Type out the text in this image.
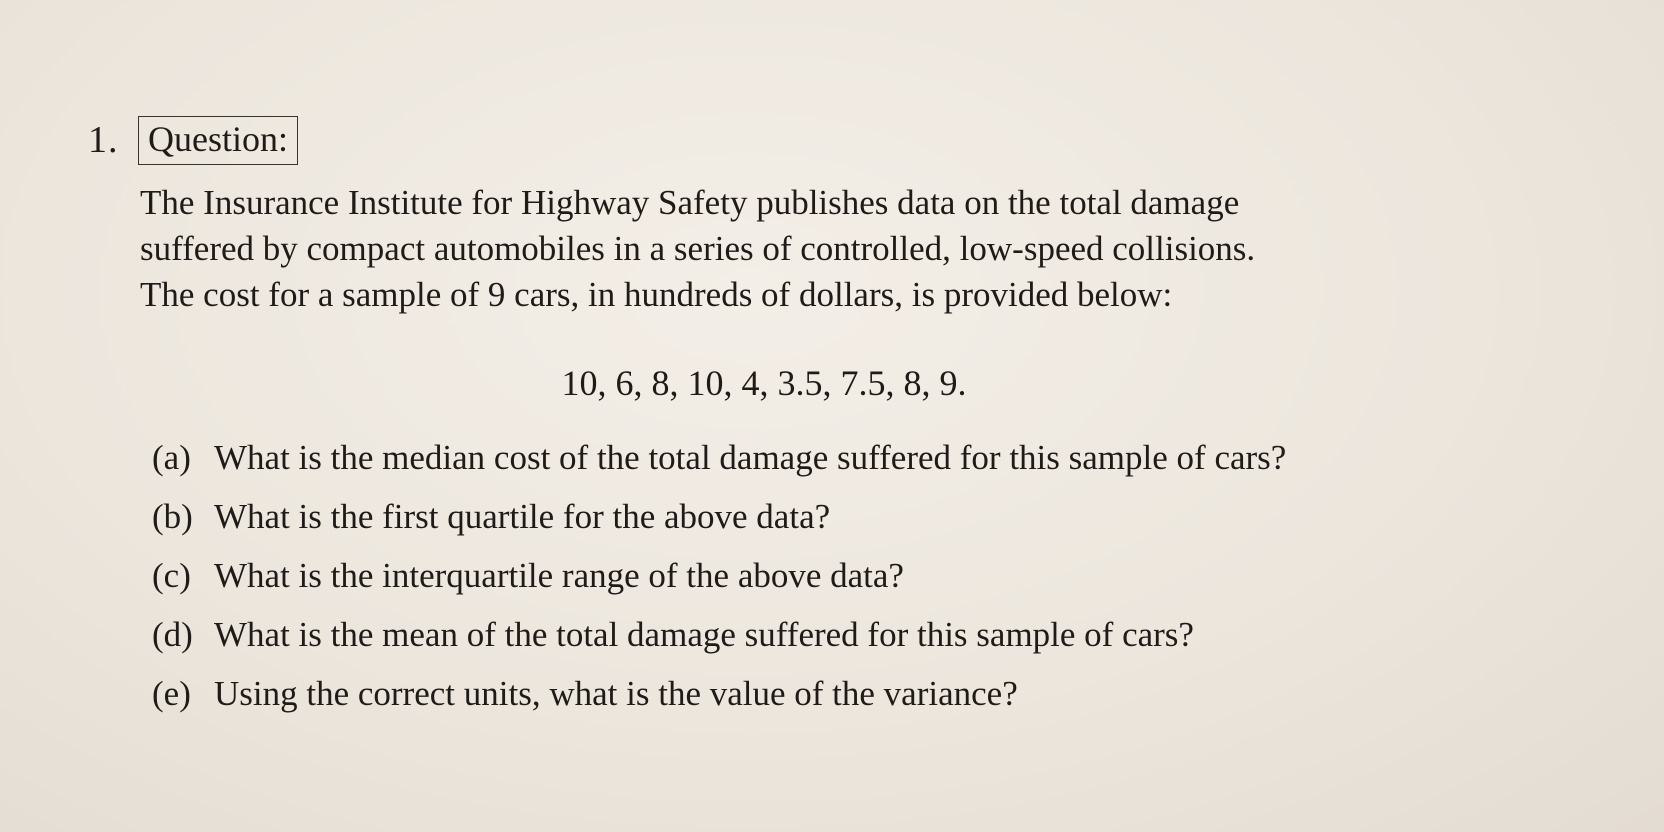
1. Question:
The Insurance Institute for Highway Safety publishes data on the total damage
suffered by compact automobiles in a series of controlled, low-speed collisions.
The cost for a sample of 9 cars, in hundreds of dollars, is provided below:
10, 6, 8, 10, 4, 3.5, 7.5, 8, 9.
(a) What is the median cost of the total damage suffered for this sample of cars?
(b) What is the first quartile for the above data?
(c) What is the interquartile range of the above data?
(d) What is the mean of the total damage suffered for this sample of cars?
(e) Using the correct units, what is the value of the variance?
